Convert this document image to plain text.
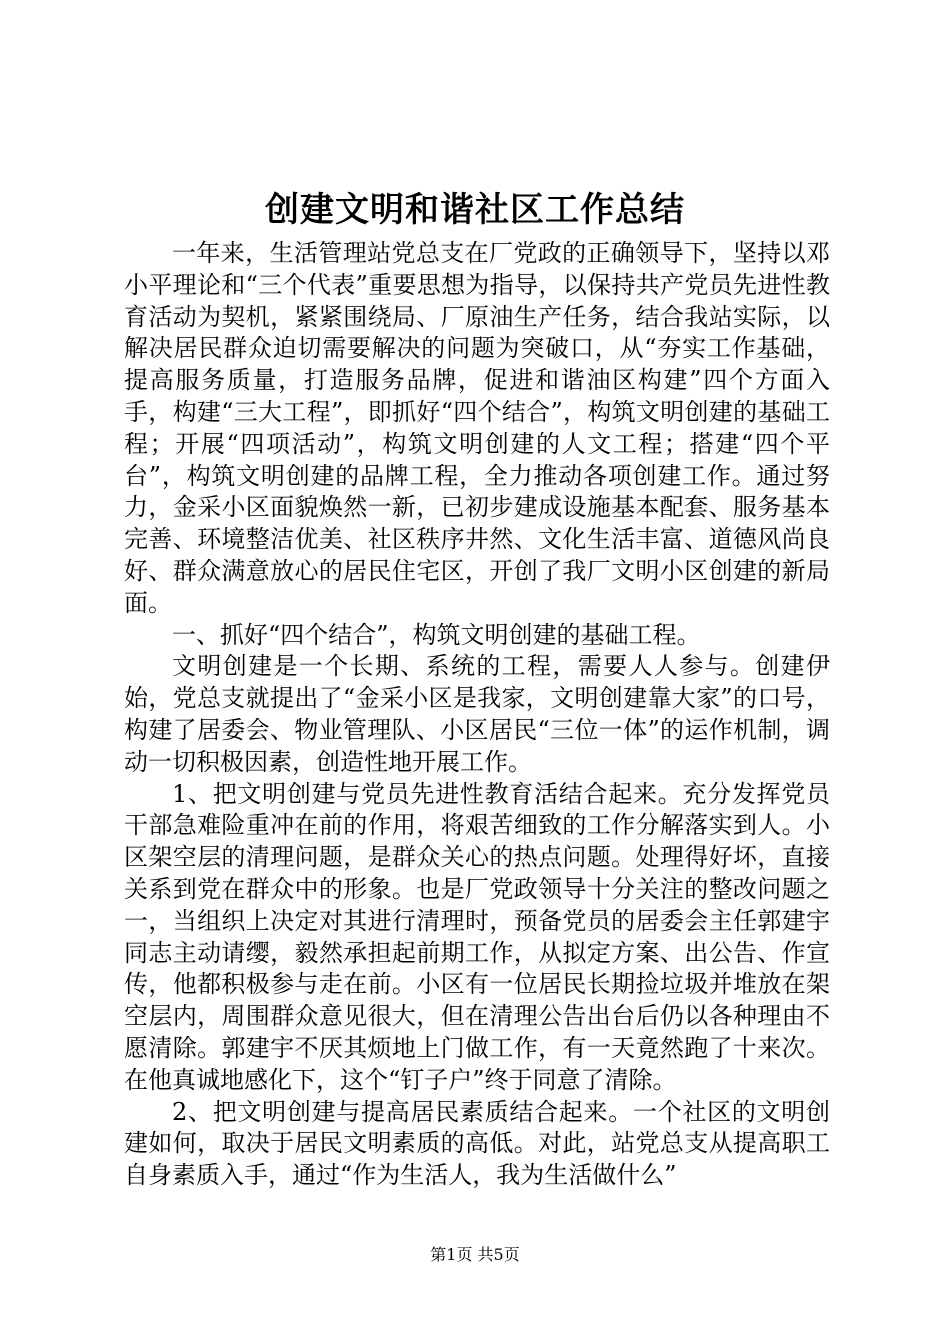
创建文明和谐社区工作总结

一年来，生活管理站党总支在厂党政的正确领导下，坚持以邓小平理论和“三个代表”重要思想为指导，以保持共产党员先进性教育活动为契机，紧紧围绕局、厂原油生产任务，结合我站实际，以解决居民群众迫切需要解决的问题为突破口，从“夯实工作基础，提高服务质量，打造服务品牌，促进和谐油区构建”四个方面入手，构建“三大工程”，即抓好“四个结合”，构筑文明创建的基础工程；开展“四项活动”，构筑文明创建的人文工程；搭建“四个平台”，构筑文明创建的品牌工程，全力推动各项创建工作。通过努力，金采小区面貌焕然一新，已初步建成设施基本配套、服务基本完善、环境整洁优美、社区秩序井然、文化生活丰富、道德风尚良好、群众满意放心的居民住宅区，开创了我厂文明小区创建的新局面。

一、抓好“四个结合”，构筑文明创建的基础工程。

文明创建是一个长期、系统的工程，需要人人参与。创建伊始，党总支就提出了“金采小区是我家，文明创建靠大家”的口号，构建了居委会、物业管理队、小区居民“三位一体”的运作机制，调动一切积极因素，创造性地开展工作。

1、把文明创建与党员先进性教育活结合起来。充分发挥党员干部急难险重冲在前的作用，将艰苦细致的工作分解落实到人。小区架空层的清理问题，是群众关心的热点问题。处理得好坏，直接关系到党在群众中的形象。也是厂党政领导十分关注的整改问题之一，当组织上决定对其进行清理时，预备党员的居委会主任郭建宇同志主动请缨，毅然承担起前期工作，从拟定方案、出公告、作宣传，他都积极参与走在前。小区有一位居民长期捡垃圾并堆放在架空层内，周围群众意见很大，但在清理公告出台后仍以各种理由不愿清除。郭建宇不厌其烦地上门做工作，有一天竟然跑了十来次。在他真诚地感化下，这个“钉子户”终于同意了清除。

2、把文明创建与提高居民素质结合起来。一个社区的文明创建如何，取决于居民文明素质的高低。对此，站党总支从提高职工自身素质入手，通过“作为生活人，我为生活做什么”

第1页 共5页
